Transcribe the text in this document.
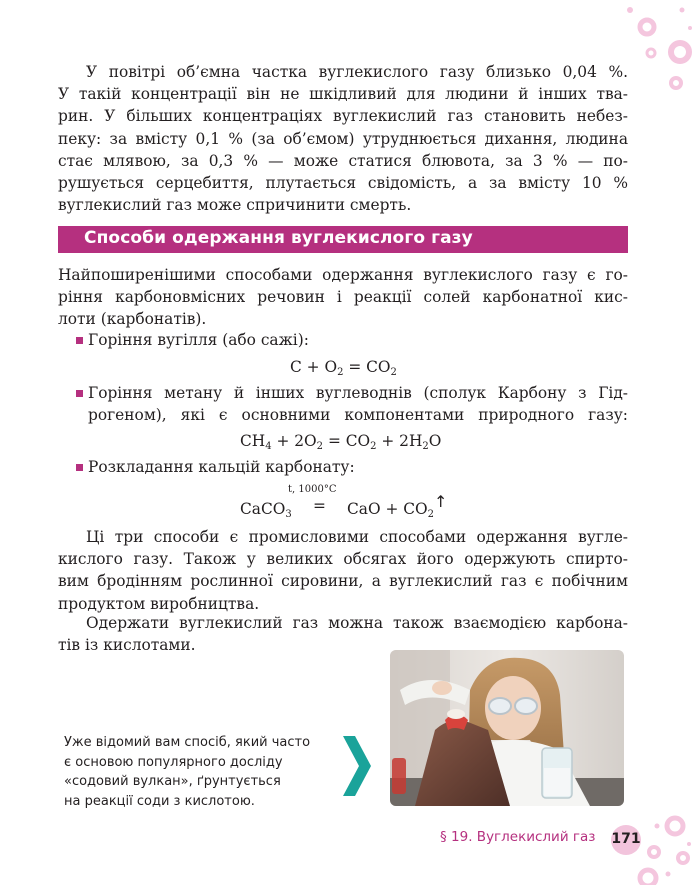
У повітрі об’ємна частка вуглекислого газу близько 0,04 %.

У такій концентрації він не шкідливий для людини й інших тва-

рин. У більших концентраціях вуглекислий газ становить небез-

пеку: за вмісту 0,1 % (за об’ємом) утруднюється дихання, людина

стає млявою, за 0,3 % — може статися блювота, за 3 % — по-

рушується серцебиття, плутається свідомість, а за вмісту 10 %

вуглекислий газ може спричинити смерть.

Способи одержання вуглекислого газу

Найпоширенішими способами одержання вуглекислого газу є го-

ріння карбоновмісних речовин і реакції солей карбонатної кис-

лоти (карбонатів).

Горіння вугілля (або сажі):

$C + O_2 = CO_2$

Горіння метану й інших вуглеводнів (сполук Карбону з Гід-

рогеном), які є основними компонентами природного газу:

$CH_4 + 2O_2 = CO_2 + 2H_2O$

Розкладання кальцій карбонату:

t, 1000°C
CaCO$_3$ = CaO + $CO_2↑$

Ці три способи є промисловими способами одержання вугле-

кислого газу. Також у великих обсягах його одержують спирто-

вим бродінням рослинної сировини, а вуглекислий газ є побічним

продуктом виробництва.

Одержати вуглекислий газ можна також взаємодією карбона-

тів із кислотами.

Уже відомий вам спосіб, який часто
є основою популярного досліду
«содовий вулкан», ґрунтується
на реакції соди з кислотою.
§ 19. Вуглекислий газ 171
